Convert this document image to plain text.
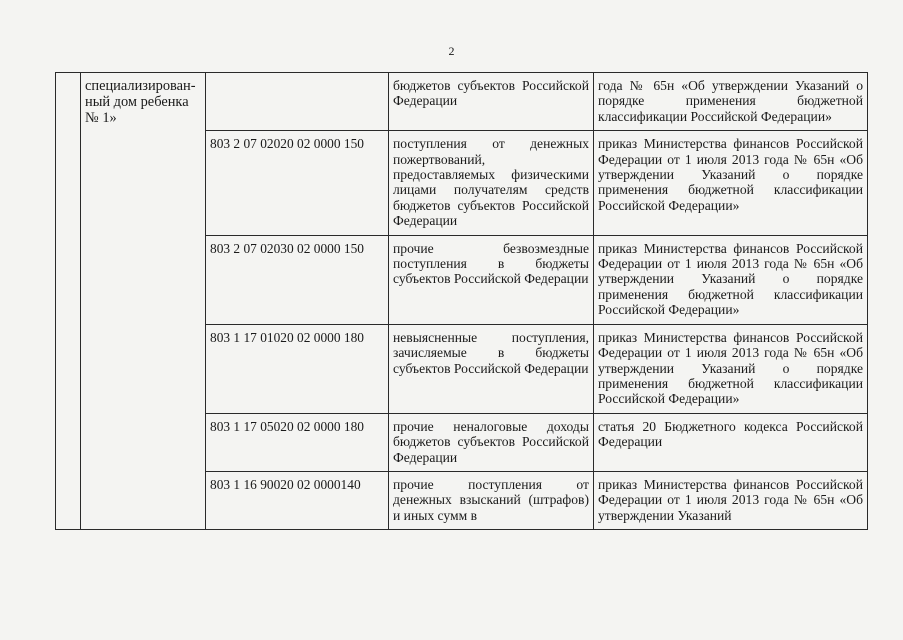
2

	специализированный дом ребенка № 1»		бюджетов субъектов Российской Федерации	года № 65н «Об утверждении Указаний о порядке применения бюджетной классификации Российской Федерации»
		803 2 07 02020 02 0000 150	поступления от денежных пожертвований, предоставляемых физическими лицами получателям средств бюджетов субъектов Российской Федерации	приказ Министерства финансов Российской Федерации от 1 июля 2013 года № 65н «Об утверждении Указаний о порядке применения бюджетной классификации Российской Федерации»
		803 2 07 02030 02 0000 150	прочие безвозмездные поступления в бюджеты субъектов Российской Федерации	приказ Министерства финансов Российской Федерации от 1 июля 2013 года № 65н «Об утверждении Указаний о порядке применения бюджетной классификации Российской Федерации»
		803 1 17 01020 02 0000 180	невыясненные поступления, зачисляемые в бюджеты субъектов Российской Федерации	приказ Министерства финансов Российской Федерации от 1 июля 2013 года № 65н «Об утверждении Указаний о порядке применения бюджетной классификации Российской Федерации»
		803 1 17 05020 02 0000 180	прочие неналоговые доходы бюджетов субъектов Российской Федерации	статья 20 Бюджетного кодекса Российской Федерации
		803 1 16 90020 02 0000140	прочие поступления от денежных взысканий (штрафов) и иных сумм в	приказ Министерства финансов Российской Федерации от 1 июля 2013 года № 65н «Об утверждении Указаний
